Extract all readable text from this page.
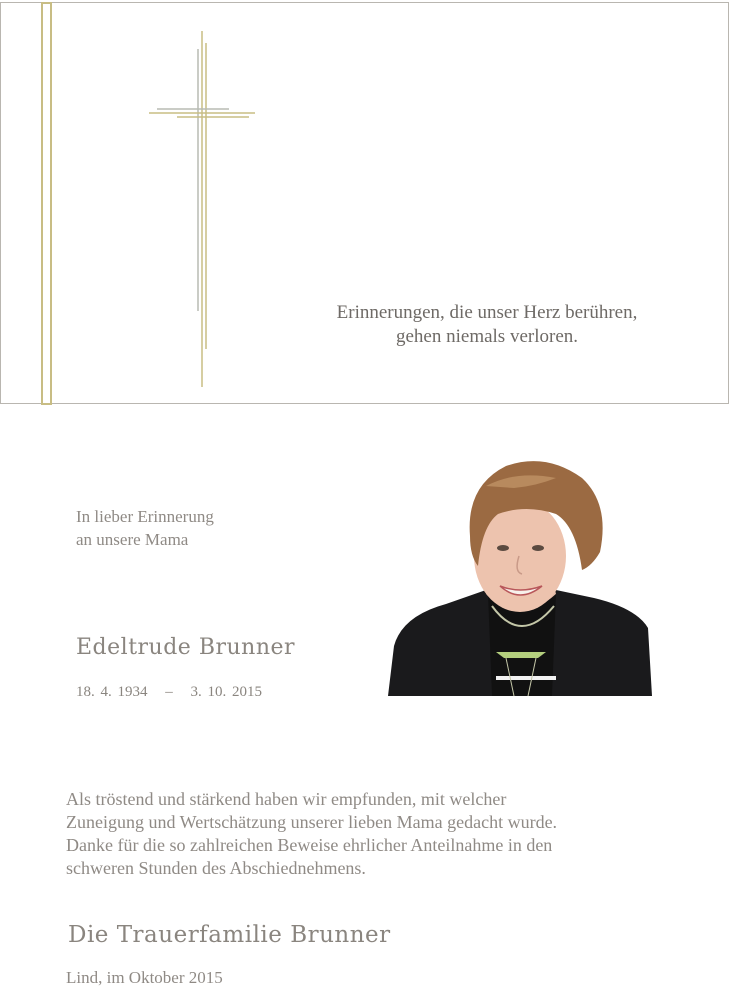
Erinnerungen, die unser Herz berühren,
gehen niemals verloren.
In lieber Erinnerung
an unsere Mama
Edeltrude Brunner
18. 4. 1934 – 3. 10. 2015
Als tröstend und stärkend haben wir empfunden, mit welcher
Zuneigung und Wertschätzung unserer lieben Mama gedacht wurde.
Danke für die so zahlreichen Beweise ehrlicher Anteilnahme in den
schweren Stunden des Abschiednehmens.
Die Trauerfamilie Brunner
Lind, im Oktober 2015
